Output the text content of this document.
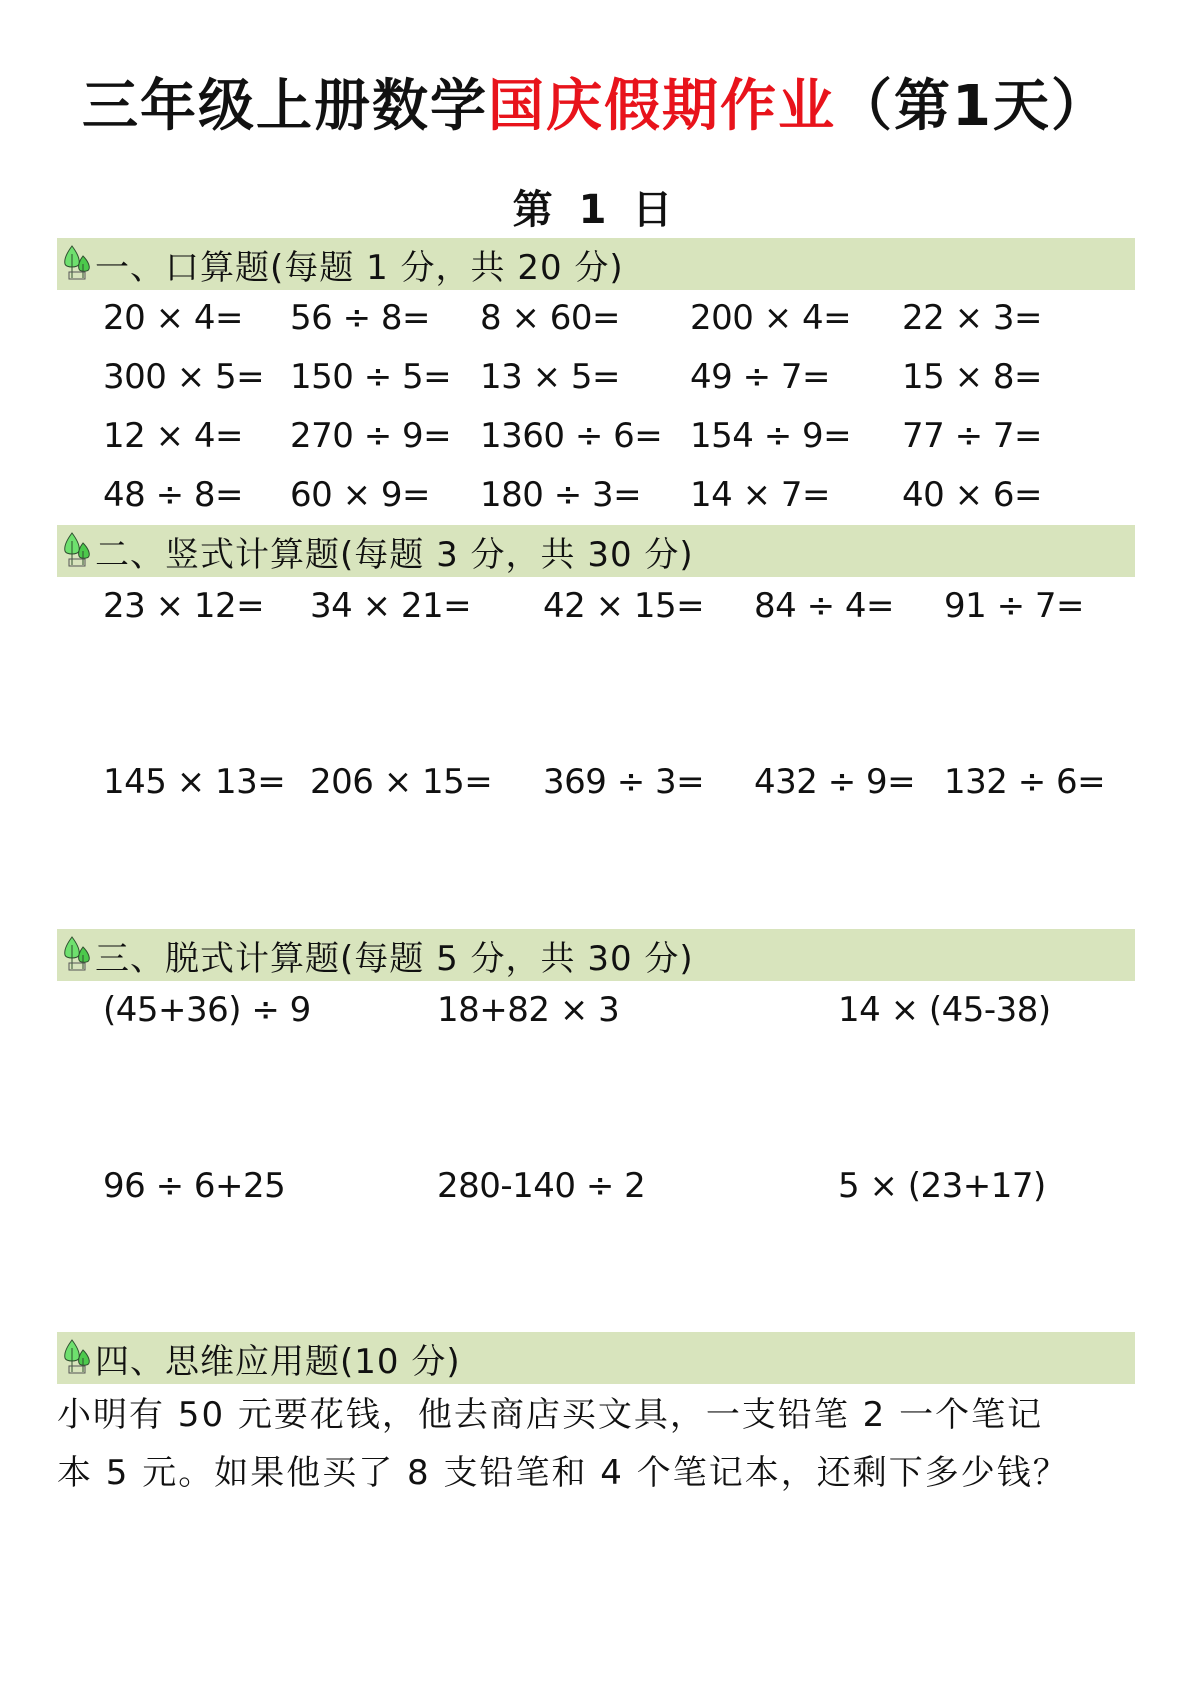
三年级上册数学国庆假期作业（第1天）
第 1 日
一、口算题(每题 1 分，共 20 分)
20 × 4= 56 ÷ 8= 8 × 60= 200 × 4= 22 × 3=
300 × 5= 150 ÷ 5= 13 × 5= 49 ÷ 7= 15 × 8=
12 × 4= 270 ÷ 9= 1360 ÷ 6= 154 ÷ 9= 77 ÷ 7=
48 ÷ 8= 60 × 9= 180 ÷ 3= 14 × 7= 40 × 6=
二、竖式计算题(每题 3 分，共 30 分)
23 × 12= 34 × 21= 42 × 15= 84 ÷ 4= 91 ÷ 7=
145 × 13= 206 × 15= 369 ÷ 3= 432 ÷ 9= 132 ÷ 6=
三、脱式计算题(每题 5 分，共 30 分)
(45+36) ÷ 9	18+82 × 3	14 × (45-38)
96 ÷ 6+25	280-140 ÷ 2	5 × (23+17)
四、思维应用题(10 分)
小明有 50 元要花钱，他去商店买文具，一支铅笔 2 一个笔记
本 5 元。如果他买了 8 支铅笔和 4 个笔记本，还剩下多少钱？
